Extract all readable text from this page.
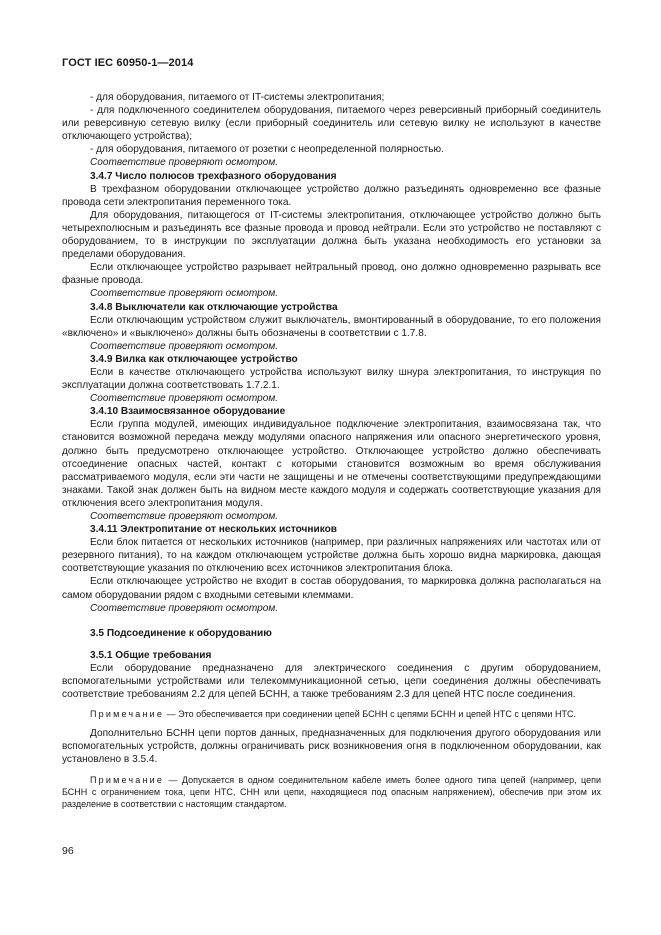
ГОСТ IEC 60950-1—2014

- для оборудования, питаемого от IT-системы электропитания;

- для подключенного соединителем оборудования, питаемого через реверсивный приборный соединитель или реверсивную сетевую вилку (если приборный соединитель или сетевую вилку не используют в качестве отключающего устройства);

- для оборудования, питаемого от розетки с неопределенной полярностью.

Соответствие проверяют осмотром.

3.4.7 Число полюсов трехфазного оборудования

В трехфазном оборудовании отключающее устройство должно разъединять одновременно все фазные провода сети электропитания переменного тока.

Для оборудования, питающегося от IT-системы электропитания, отключающее устройство должно быть четырехполюсным и разъединять все фазные провода и провод нейтрали. Если это устройство не поставляют с оборудованием, то в инструкции по эксплуатации должна быть указана необходимость его установки за пределами оборудования.

Если отключающее устройство разрывает нейтральный провод, оно должно одновременно разрывать все фазные провода.

Соответствие проверяют осмотром.

3.4.8 Выключатели как отключающие устройства

Если отключающим устройством служит выключатель, вмонтированный в оборудование, то его положения «включено» и «выключено» должны быть обозначены в соответствии с 1.7.8.

Соответствие проверяют осмотром.

3.4.9 Вилка как отключающее устройство

Если в качестве отключающего устройства используют вилку шнура электропитания, то инструкция по эксплуатации должна соответствовать 1.7.2.1.

Соответствие проверяют осмотром.

3.4.10 Взаимосвязанное оборудование

Если группа модулей, имеющих индивидуальное подключение электропитания, взаимосвязана так, что становится возможной передача между модулями опасного напряжения или опасного энергетического уровня, должно быть предусмотрено отключающее устройство. Отключающее устройство должно обеспечивать отсоединение опасных частей, контакт с которыми становится возможным во время обслуживания рассматриваемого модуля, если эти части не защищены и не отмечены соответствующими предупреждающими знаками. Такой знак должен быть на видном месте каждого модуля и содержать соответствующие указания для отключения всего электропитания модуля.

Соответствие проверяют осмотром.

3.4.11 Электропитание от нескольких источников

Если блок питается от нескольких источников (например, при различных напряжениях или частотах или от резервного питания), то на каждом отключающем устройстве должна быть хорошо видна маркировка, дающая соответствующие указания по отключению всех источников электропитания блока.

Если отключающее устройство не входит в состав оборудования, то маркировка должна располагаться на самом оборудовании рядом с входными сетевыми клеммами.

Соответствие проверяют осмотром.

3.5 Подсоединение к оборудованию

3.5.1 Общие требования

Если оборудование предназначено для электрического соединения с другим оборудованием, вспомогательными устройствами или телекоммуникационной сетью, цепи соединения должны обеспечивать соответствие требованиям 2.2 для цепей БСНН, а также требованиям 2.3 для цепей НТС после соединения.

Примечание — Это обеспечивается при соединении цепей БСНН с цепями БСНН и цепей НТС с цепями НТС.

Дополнительно БСНН цепи портов данных, предназначенных для подключения другого оборудования или вспомогательных устройств, должны ограничивать риск возникновения огня в подключенном оборудовании, как установлено в 3.5.4.

Примечание — Допускается в одном соединительном кабеле иметь более одного типа цепей (например, цепи БСНН с ограничением тока, цепи НТС, СНН или цепи, находящиеся под опасным напряжением), обеспечив при этом их разделение в соответствии с настоящим стандартом.

96
